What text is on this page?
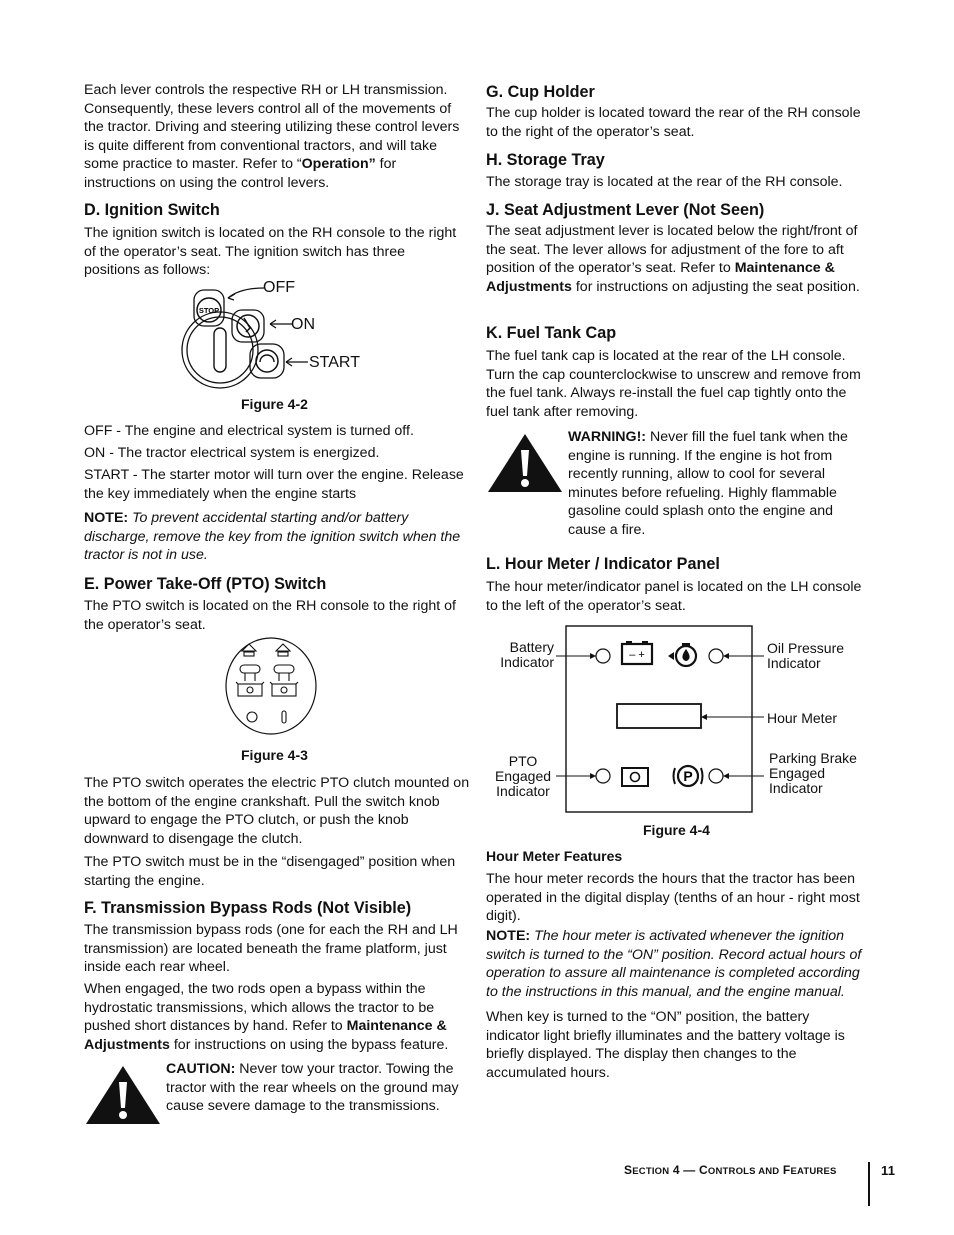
Each lever controls the respective RH or LH transmission. Consequently, these levers control all of the movements of the tractor. Driving and steering utilizing these control levers is quite different from conventional tractors, and will take some practice to master. Refer to “Operation” for instructions on using the control levers.

D. Ignition Switch

The ignition switch is located on the RH console to the right of the operator’s seat. The ignition switch has three positions as follows:

STOP
OFF
ON
START
Figure 4-2

OFF - The engine and electrical system is turned off.

ON - The tractor electrical system is energized.

START - The starter motor will turn over the engine. Release the key immediately when the engine starts

NOTE: To prevent accidental starting and/or battery discharge, remove the key from the ignition switch when the tractor is not in use.

E. Power Take-Off (PTO) Switch

The PTO switch is located on the RH console to the right of the operator’s seat.

Figure 4-3

The PTO switch operates the electric PTO clutch mounted on the bottom of the engine crankshaft. Pull the switch knob upward to engage the PTO clutch, or push the knob downward to disengage the clutch.

The PTO switch must be in the “disengaged” position when starting the engine.

F. Transmission Bypass Rods (Not Visible)

The transmission bypass rods (one for each the RH and LH transmission) are located beneath the frame platform, just inside each rear wheel.

When engaged, the two rods open a bypass within the hydrostatic transmissions, which allows the tractor to be pushed short distances by hand. Refer to Maintenance & Adjustments for instructions on using the bypass feature.

CAUTION: Never tow your tractor. Towing the tractor with the rear wheels on the ground may cause severe damage to the transmissions.

G. Cup Holder

The cup holder is located toward the rear of the RH console to the right of the operator’s seat.

H. Storage Tray

The storage tray is located at the rear of the RH console.

J. Seat Adjustment Lever (Not Seen)

The seat adjustment lever is located below the right/front of the seat. The lever allows for adjustment of the fore to aft position of the operator’s seat. Refer to Maintenance & Adjustments for instructions on adjusting the seat position.

K. Fuel Tank Cap

The fuel tank cap is located at the rear of the LH console. Turn the cap counterclockwise to unscrew and remove from the fuel tank. Always re-install the fuel cap tightly onto the fuel tank after removing.

WARNING!: Never fill the fuel tank when the engine is running. If the engine is hot from recently running, allow to cool for several minutes before refueling. Highly flammable gasoline could splash onto the engine and cause a fire.

L. Hour Meter / Indicator Panel

The hour meter/indicator panel is located on the LH console to the left of the operator’s seat.

– +
P
Battery
Indicator
Oil Pressure
Indicator
Hour Meter
PTO
Engaged
Indicator
Parking Brake
Engaged
Indicator
Figure 4-4
Hour Meter Features

The hour meter records the hours that the tractor has been operated in the digital display (tenths of an hour - right most digit).

NOTE: The hour meter is activated whenever the ignition switch is turned to the “ON” position. Record actual hours of operation to assure all maintenance is completed according to the instructions in this manual, and the engine manual.

When key is turned to the “ON” position, the battery indicator light briefly illuminates and the battery voltage is briefly displayed. The display then changes to the accumulated hours.

SECTION 4 — CONTROLS AND FEATURES	11
